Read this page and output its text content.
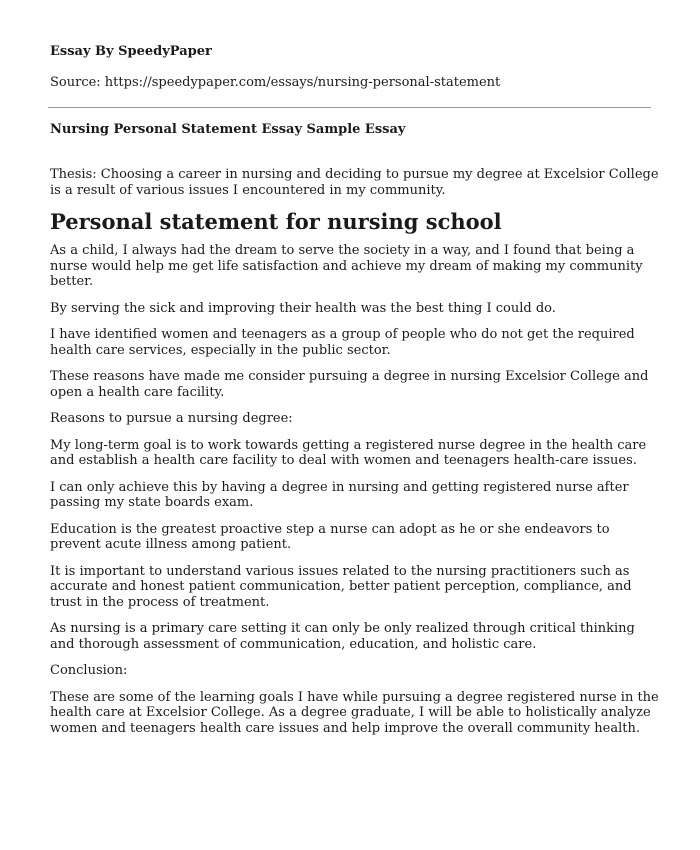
Essay By SpeedyPaper
Source: https://speedypaper.com/essays/nursing-personal-statement
Nursing Personal Statement Essay Sample Essay

Thesis: Choosing a career in nursing and deciding to pursue my degree at Excelsior College is a result of various issues I encountered in my community.

Personal statement for nursing school

As a child, I always had the dream to serve the society in a way, and I found that being a nurse would help me get life satisfaction and achieve my dream of making my community better.

By serving the sick and improving their health was the best thing I could do.

I have identified women and teenagers as a group of people who do not get the required health care services, especially in the public sector.

These reasons have made me consider pursuing a degree in nursing Excelsior College and open a health care facility.

Reasons to pursue a nursing degree:

My long-term goal is to work towards getting a registered nurse degree in the health care and establish a health care facility to deal with women and teenagers health-care issues.

I can only achieve this by having a degree in nursing and getting registered nurse after passing my state boards exam.

Education is the greatest proactive step a nurse can adopt as he or she endeavors to prevent acute illness among patient.

It is important to understand various issues related to the nursing practitioners such as accurate and honest patient communication, better patient perception, compliance, and trust in the process of treatment.

As nursing is a primary care setting it can only be only realized through critical thinking and thorough assessment of communication, education, and holistic care.

Conclusion:

These are some of the learning goals I have while pursuing a degree registered nurse in the health care at Excelsior College. As a degree graduate, I will be able to holistically analyze women and teenagers health care issues and help improve the overall community health.
